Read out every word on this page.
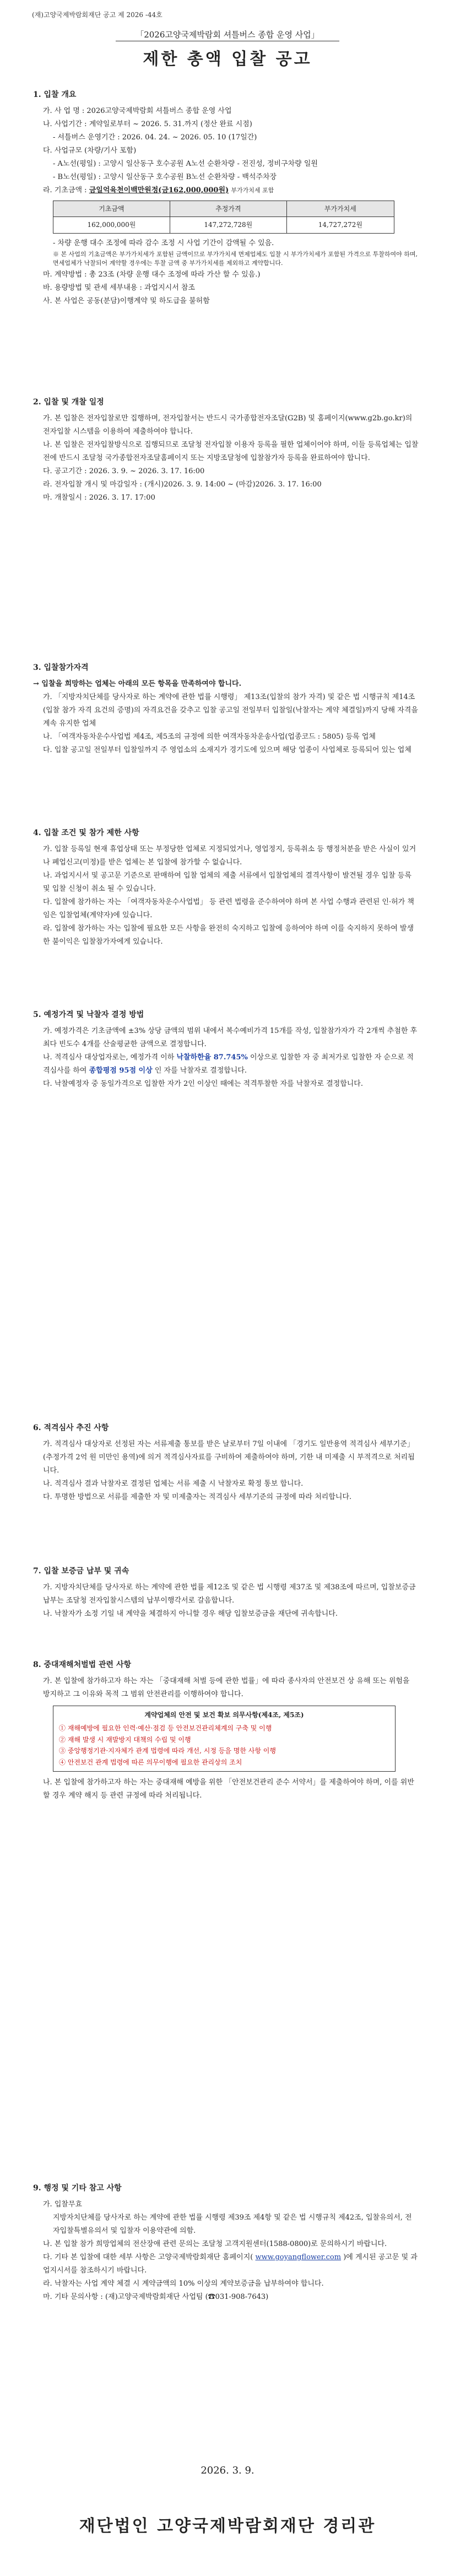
(재)고양국제박람회재단 공고 제 2026 -44호
「2026고양국제박람회 셔틀버스 종합 운영 사업」
제한 총액 입찰 공고
1. 입찰 개요

가. 사 업 명 : 2026고양국제박람회 셔틀버스 종합 운영 사업

나. 사업기간 : 계약일로부터 ~ 2026. 5. 31.까지 (정산 완료 시점)

- 셔틀버스 운영기간 : 2026. 04. 24. ~ 2026. 05. 10 (17일간)

다. 사업규모 (차량/기사 포함)

- A노선(평일) : 고양시 일산동구 호수공원 A노선 순환차량 - 전진성, 정비구차량 일원

- B노선(평일) : 고양시 일산동구 호수공원 B노선 순환차량 - 백석주차장

라. 기초금액 : 금일억육천이백만원정(금162,000,000원) 부가가치세 포함

기초금액	추정가격	부가가치세
162,000,000원	147,272,728원	14,727,272원

- 차량 운행 대수 조정에 따라 감수 조정 시 사업 기간이 감액될 수 있음.

※ 본 사업의 기초금액은 부가가치세가 포함된 금액이므로 부가가치세 면제업체도 입찰 시 부가가치세가 포함된 가격으로 투찰하여야 하며, 면세업체가 낙찰되어 계약할 경우에는 투찰 금액 중 부가가치세를 제외하고 계약합니다.

마. 계약방법 : 총 23조 (차량 운행 대수 조정에 따라 가산 할 수 있음.)

바. 용량방법 및 관세 세부내용 : 과업지시서 참조

사. 본 사업은 공동(분담)이행계약 및 하도급을 불허함

2. 입찰 및 개찰 일정

가. 본 입찰은 전자입찰로만 집행하며, 전자입찰서는 반드시 국가종합전자조달(G2B) 및 홈페이지(www.g2b.go.kr)의 전자입찰 시스템을 이용하여 제출하여야 합니다.

나. 본 입찰은 전자입찰방식으로 집행되므로 조달청 전자입찰 이용자 등록을 필한 업체이어야 하며, 이들 등록업체는 입찰 전에 반드시 조달청 국가종합전자조달홈페이지 또는 지방조달청에 입찰참가자 등록을 완료하여야 합니다.

다. 공고기간 : 2026. 3. 9. ~ 2026. 3. 17. 16:00

라. 전자입찰 개시 및 마감일자 : (개시)2026. 3. 9. 14:00 ~ (마감)2026. 3. 17. 16:00

마. 개찰일시 : 2026. 3. 17. 17:00

3. 입찰참가자격

→ 입찰을 희망하는 업체는 아래의 모든 항목을 만족하여야 합니다.

가. 「지방자치단체를 당사자로 하는 계약에 관한 법률 시행령」 제13조(입찰의 참가 자격) 및 같은 법 시행규칙 제14조(입찰 참가 자격 요건의 증명)의 자격요건을 갖추고 입찰 공고일 전일부터 입찰일(낙찰자는 계약 체결일)까지 당해 자격을 계속 유지한 업체

나. 「여객자동차운수사업법 제4조, 제5조의 규정에 의한 여객자동차운송사업(업종코드 : 5805) 등록 업체

다. 입찰 공고일 전일부터 입찰일까지 주 영업소의 소재지가 경기도에 있으며 해당 업종이 사업체로 등록되어 있는 업체

4. 입찰 조건 및 참가 제한 사항

가. 입찰 등록일 현재 휴업상태 또는 부정당한 업체로 지정되었거나, 영업정지, 등록취소 등 행정처분을 받은 사실이 있거나 폐업신고(미정)를 받은 업체는 본 입찰에 참가할 수 없습니다.

나. 과업지시서 및 공고문 기준으로 판매하여 입찰 업체의 제출 서류에서 입찰업체의 결격사항이 발견될 경우 입찰 등록 및 입찰 신청이 취소 될 수 있습니다.

다. 입찰에 참가하는 자는 「여객자동차운수사업법」 등 관련 법령을 준수하여야 하며 본 사업 수행과 관련된 인·허가 책임은 입찰업체(계약자)에 있습니다.

라. 입찰에 참가하는 자는 입찰에 필요한 모든 사항을 완전히 숙지하고 입찰에 응하여야 하며 이를 숙지하지 못하여 발생한 불이익은 입찰참가자에게 있습니다.

5. 예정가격 및 낙찰자 결정 방법

가. 예정가격은 기초금액에 ±3% 상당 금액의 범위 내에서 복수예비가격 15개를 작성, 입찰참가자가 각 2개씩 추첨한 후 최다 빈도수 4개를 산술평균한 금액으로 결정합니다.

나. 적격심사 대상업자로는, 예정가격 이하 낙찰하한율 87.745% 이상으로 입찰한 자 중 최저가로 입찰한 자 순으로 적격심사를 하여 종합평점 95점 이상 인 자를 낙찰자로 결정합니다.

다. 낙찰예정자 중 동일가격으로 입찰한 자가 2인 이상인 때에는 적격투찰한 자를 낙찰자로 결정합니다.

6. 적격심사 추진 사항

가. 적격심사 대상자로 선정된 자는 서류제출 통보를 받은 날로부터 7일 이내에 「경기도 일반용역 적격심사 세부기준」(추정가격 2억 원 미만인 용역)에 의거 적격심사자료를 구비하여 제출하여야 하며, 기한 내 미제출 시 부적격으로 처리됩니다.

나. 적격심사 결과 낙찰자로 결정된 업체는 서류 제출 시 낙찰자로 확정 통보 합니다.

다. 투명한 방법으로 서류를 제출한 자 및 미제출자는 적격심사 세부기준의 규정에 따라 처리합니다.

7. 입찰 보증금 납부 및 귀속

가. 지방자치단체를 당사자로 하는 계약에 관한 법률 제12조 및 같은 법 시행령 제37조 및 제38조에 따르며, 입찰보증금 납부는 조달청 전자입찰시스템의 납부이행각서로 갈음합니다.

나. 낙찰자가 소정 기일 내 계약을 체결하지 아니할 경우 해당 입찰보증금을 재단에 귀속합니다.

8. 중대재해처벌법 관련 사항

가. 본 입찰에 참가하고자 하는 자는 「중대재해 처벌 등에 관한 법률」에 따라 종사자의 안전보건 상 유해 또는 위험을 방지하고 그 이유와 목적 그 범위 안전관리를 이행하여야 합니다.

계약업체의 안전 및 보건 확보 의무사항(제4조, 제5조)
① 재해예방에 필요한 인력·예산·점검 등 안전보건관리체계의 구축 및 이행
② 재해 발생 시 재발방지 대책의 수립 및 이행
③ 중앙행정기관·지자체가 관계 법령에 따라 개선, 시정 등을 명한 사항 이행
④ 안전보건 관계 법령에 따른 의무이행에 필요한 관리상의 조치

나. 본 입찰에 참가하고자 하는 자는 중대재해 예방을 위한 「안전보건관리 준수 서약서」를 제출하여야 하며, 이를 위반할 경우 계약 해지 등 관련 규정에 따라 처리됩니다.

9. 행정 및 기타 참고 사항

가. 입찰무효

지방자치단체를 당사자로 하는 계약에 관한 법률 시행령 제39조 제4항 및 같은 법 시행규칙 제42조, 입찰유의서, 전자입찰특별유의서 및 입찰자 이용약관에 의함.

나. 본 입찰 참가 희망업체의 전산장애 관련 문의는 조달청 고객지원센터(1588-0800)로 문의하시기 바랍니다.

다. 기타 본 입찰에 대한 세부 사항은 고양국제박람회재단 홈페이지( www.goyangflower.com )에 게시된 공고문 및 과업지시서를 참조하시기 바랍니다.

라. 낙찰자는 사업 계약 체결 시 계약금액의 10% 이상의 계약보증금을 납부하여야 합니다.

마. 기타 문의사항 : (재)고양국제박람회재단 사업팀 (☎031-908-7643)

2026. 3. 9.
재단법인 고양국제박람회재단 경리관
